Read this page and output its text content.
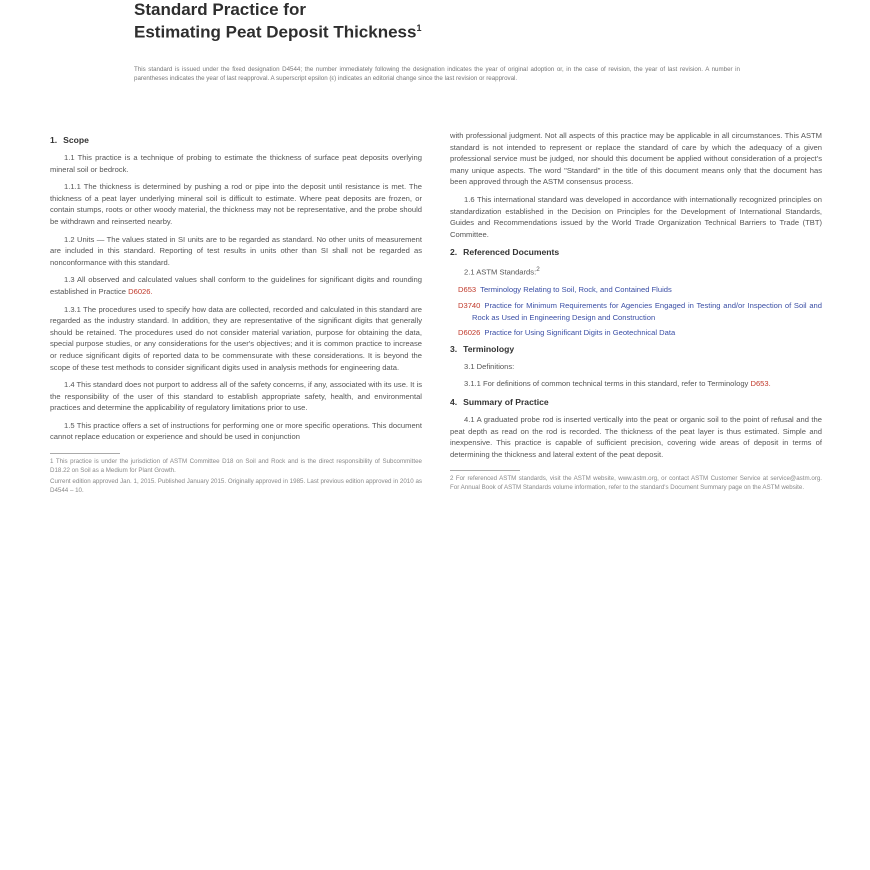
Standard Practice for

Estimating Peat Deposit Thickness$^1$

This standard is issued under the fixed designation D4544; the number immediately following the designation indicates the year of original adoption or, in the case of revision, the year of last revision. A number in parentheses indicates the year of last reapproval. A superscript epsilon (ε) indicates an editorial change since the last revision or reapproval.
1. Scope

1.1 This practice is a technique of probing to estimate the thickness of surface peat deposits overlying mineral soil or bedrock.

1.1.1 The thickness is determined by pushing a rod or pipe into the deposit until resistance is met. The thickness of a peat layer underlying mineral soil is difficult to estimate. Where peat deposits are frozen, or contain stumps, roots or other woody material, the thickness may not be representative, and the probe should be withdrawn and reinserted nearby.

1.2 Units — The values stated in SI units are to be regarded as standard. No other units of measurement are included in this standard. Reporting of test results in units other than SI shall not be regarded as nonconformance with this standard.

1.3 All observed and calculated values shall conform to the guidelines for significant digits and rounding established in Practice D6026.

1.3.1 The procedures used to specify how data are collected, recorded and calculated in this standard are regarded as the industry standard. In addition, they are representative of the significant digits that generally should be retained. The procedures used do not consider material variation, purpose for obtaining the data, special purpose studies, or any considerations for the user's objectives; and it is common practice to increase or reduce significant digits of reported data to be commensurate with these considerations. It is beyond the scope of these test methods to consider significant digits used in analysis methods for engineering data.

1.4 This standard does not purport to address all of the safety concerns, if any, associated with its use. It is the responsibility of the user of this standard to establish appropriate safety, health, and environmental practices and determine the applicability of regulatory limitations prior to use.

1.5 This practice offers a set of instructions for performing one or more specific operations. This document cannot replace education or experience and should be used in conjunction

1 This practice is under the jurisdiction of ASTM Committee D18 on Soil and Rock and is the direct responsibility of Subcommittee D18.22 on Soil as a Medium for Plant Growth.

Current edition approved Jan. 1, 2015. Published January 2015. Originally approved in 1985. Last previous edition approved in 2010 as D4544 – 10.

with professional judgment. Not all aspects of this practice may be applicable in all circumstances. This ASTM standard is not intended to represent or replace the standard of care by which the adequacy of a given professional service must be judged, nor should this document be applied without consideration of a project's many unique aspects. The word "Standard" in the title of this document means only that the document has been approved through the ASTM consensus process.

1.6 This international standard was developed in accordance with internationally recognized principles on standardization established in the Decision on Principles for the Development of International Standards, Guides and Recommendations issued by the World Trade Organization Technical Barriers to Trade (TBT) Committee.

2. Referenced Documents

2.1 ASTM Standards:$^2$

D653 Terminology Relating to Soil, Rock, and Contained Fluids

D3740 Practice for Minimum Requirements for Agencies Engaged in Testing and/or Inspection of Soil and Rock as Used in Engineering Design and Construction

D6026 Practice for Using Significant Digits in Geotechnical Data

3. Terminology

3.1 Definitions:

3.1.1 For definitions of common technical terms in this standard, refer to Terminology D653.

4. Summary of Practice

4.1 A graduated probe rod is inserted vertically into the peat or organic soil to the point of refusal and the peat depth as read on the rod is recorded. The thickness of the peat layer is thus estimated. Simple and inexpensive. This practice is capable of sufficient precision, covering wide areas of deposit in terms of determining the thickness and lateral extent of the peat deposit.

2 For referenced ASTM standards, visit the ASTM website, www.astm.org, or contact ASTM Customer Service at service@astm.org. For Annual Book of ASTM Standards volume information, refer to the standard's Document Summary page on the ASTM website.
